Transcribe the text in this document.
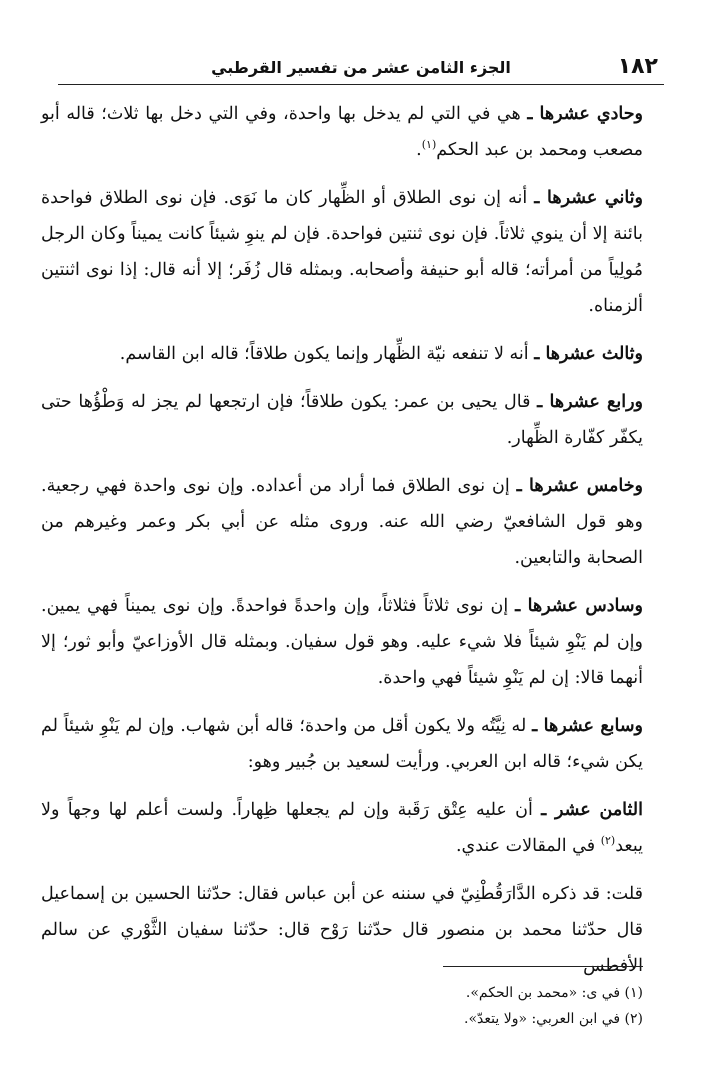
١٨٢
الجزء الثامن عشر من تفسير القرطبي

وحادي عشرها ـ هي في التي لم يدخل بها واحدة، وفي التي دخل بها ثلاث؛ قاله أبو مصعب ومحمد بن عبد الحكم$^{(١)}$.

وثاني عشرها ـ أنه إن نوى الطلاق أو الظِّهار كان ما نَوَى. فإن نوى الطلاق فواحدة بائنة إلا أن ينوي ثلاثاً. فإن نوى ثنتين فواحدة. فإن لم ينوِ شيئاً كانت يميناً وكان الرجل مُولِياً من أمرأته؛ قاله أبو حنيفة وأصحابه. وبمثله قال زُفَر؛ إلا أنه قال: إذا نوى اثنتين ألزمناه.

وثالث عشرها ـ أنه لا تنفعه نيّة الظِّهار وإنما يكون طلاقاً؛ قاله ابن القاسم.

ورابع عشرها ـ قال يحيى بن عمر: يكون طلاقاً؛ فإن ارتجعها لم يجز له وَطْؤُها حتى يكفّر كفّارة الظِّهار.

وخامس عشرها ـ إن نوى الطلاق فما أراد من أعداده. وإن نوى واحدة فهي رجعية. وهو قول الشافعيّ رضي الله عنه. وروى مثله عن أبي بكر وعمر وغيرهم من الصحابة والتابعين.

وسادس عشرها ـ إن نوى ثلاثاً فثلاثاً، وإن واحدةً فواحدةً. وإن نوى يميناً فهي يمين. وإن لم يَنْوِ شيئاً فلا شيء عليه. وهو قول سفيان. وبمثله قال الأوزاعيّ وأبو ثور؛ إلا أنهما قالا: إن لم يَنْوِ شيئاً فهي واحدة.

وسابع عشرها ـ له نِيَّتُه ولا يكون أقل من واحدة؛ قاله أبن شهاب. وإن لم يَنْوِ شيئاً لم يكن شيء؛ قاله ابن العربي. ورأيت لسعيد بن جُبير وهو:

الثامن عشر ـ أن عليه عِتْق رَقَبة وإن لم يجعلها ظِهاراً. ولست أعلم لها وجهاً ولا يبعد$^{(٢)}$ في المقالات عندي.

قلت: قد ذكره الدَّارَقُطْنِيّ في سننه عن أبن عباس فقال: حدّثنا الحسين بن إسماعيل قال حدّثنا محمد بن منصور قال حدّثنا رَوْح قال: حدّثنا سفيان الثَّوْري عن سالم الأفطس

(١) في ى: «محمد بن الحكم».

(٢) في ابن العربي: «ولا يتعدّ».
